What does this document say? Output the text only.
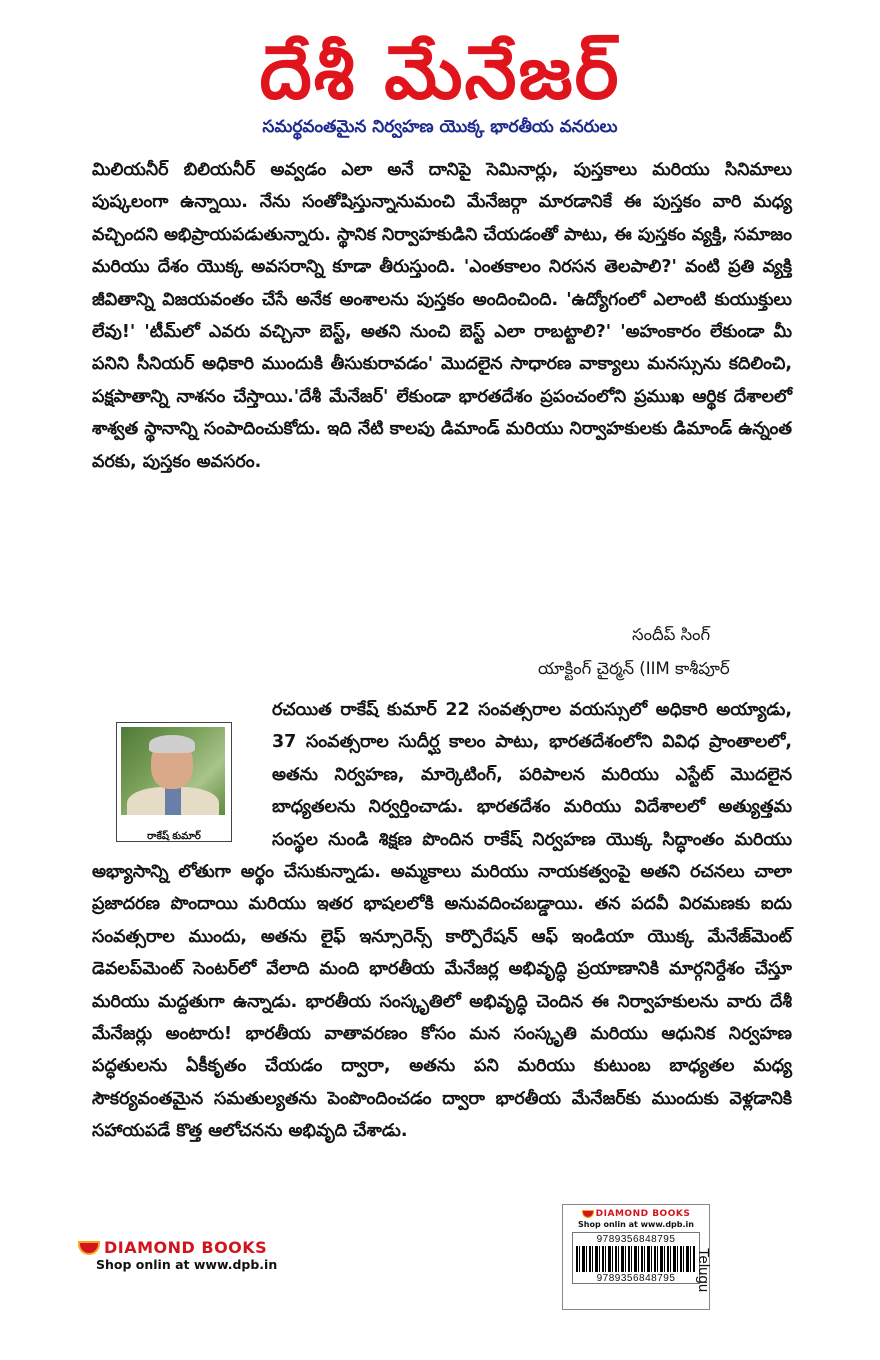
దేశీ మేనేజర్
సమర్థవంతమైన నిర్వహణ యొక్క భారతీయ వనరులు
మిలియనీర్ బిలియనీర్ అవ్వడం ఎలా అనే దానిపై సెమినార్లు, పుస్తకాలు మరియు సినిమాలు పుష్కలంగా ఉన్నాయి. నేను సంతోషిస్తున్నానుమంచి మేనేజర్గా మారడానికే ఈ పుస్తకం వారి మధ్య వచ్చిందని అభిప్రాయపడుతున్నారు. స్థానిక నిర్వాహకుడిని చేయడంతో పాటు, ఈ పుస్తకం వ్యక్తి, సమాజం మరియు దేశం యొక్క అవసరాన్ని కూడా తీరుస్తుంది. 'ఎంతకాలం నిరసన తెలపాలి?' వంటి ప్రతి వ్యక్తి జీవితాన్ని విజయవంతం చేసే అనేక అంశాలను పుస్తకం అందించింది. 'ఉద్యోగంలో ఎలాంటి కుయుక్తులు లేవు!' 'టీమ్‌లో ఎవరు వచ్చినా బెస్ట్, అతని నుంచి బెస్ట్ ఎలా రాబట్టాలి?' 'అహంకారం లేకుండా మీ పనిని సీనియర్ అధికారి ముందుకి తీసుకురావడం' మొదలైన సాధారణ వాక్యాలు మనస్సును కదిలించి, పక్షపాతాన్ని నాశనం చేస్తాయి.'దేశీ మేనేజర్' లేకుండా భారతదేశం ప్రపంచంలోని ప్రముఖ ఆర్థిక దేశాలలో శాశ్వత స్థానాన్ని సంపాదించుకోదు. ఇది నేటి కాలపు డిమాండ్ మరియు నిర్వాహకులకు డిమాండ్ ఉన్నంత వరకు, పుస్తకం అవసరం.
సందీప్ సింగ్
యాక్టింగ్ చైర్మన్ (IIM కాశీపూర్
రాకేష్ కుమార్
రచయిత రాకేష్ కుమార్ 22 సంవత్సరాల వయస్సులో అధికారి అయ్యాడు, 37 సంవత్సరాల సుదీర్ఘ కాలం పాటు, భారతదేశంలోని వివిధ ప్రాంతాలలో, అతను నిర్వహణ, మార్కెటింగ్, పరిపాలన మరియు ఎస్టేట్ మొదలైన బాధ్యతలను నిర్వర్తించాడు. భారతదేశం మరియు విదేశాలలో అత్యుత్తమ సంస్థల నుండి శిక్షణ పొందిన రాకేష్ నిర్వహణ యొక్క సిద్ధాంతం మరియు అభ్యాసాన్ని లోతుగా అర్థం చేసుకున్నాడు. అమ్మకాలు మరియు నాయకత్వంపై అతని రచనలు చాలా ప్రజాదరణ పొందాయి మరియు ఇతర భాషలలోకి అనువదించబడ్డాయి. తన పదవీ విరమణకు ఐదు సంవత్సరాల ముందు, అతను లైఫ్ ఇన్సూరెన్స్ కార్పొరేషన్ ఆఫ్ ఇండియా యొక్క మేనేజ్‌మెంట్ డెవలప్‌మెంట్ సెంటర్‌లో వేలాది మంది భారతీయ మేనేజర్ల అభివృద్ధి ప్రయాణానికి మార్గనిర్దేశం చేస్తూ మరియు మద్దతుగా ఉన్నాడు. భారతీయ సంస్కృతిలో అభివృద్ధి చెందిన ఈ నిర్వాహకులను వారు దేశీ మేనేజర్లు అంటారు! భారతీయ వాతావరణం కోసం మన సంస్కృతి మరియు ఆధునిక నిర్వహణ పద్ధతులను ఏకీకృతం చేయడం ద్వారా, అతను పని మరియు కుటుంబ బాధ్యతల మధ్య సౌకర్యవంతమైన సమతుల్యతను పెంపొందించడం ద్వారా భారతీయ మేనేజర్‌కు ముందుకు వెళ్లడానికి సహాయపడే కొత్త ఆలోచనను అభివృది చేశాడు.
DIAMOND BOOKS
Shop onlin at www.dpb.in
DIAMOND BOOKS
Shop onlin at www.dpb.in
9789356848795
9789356848795	Telugu
